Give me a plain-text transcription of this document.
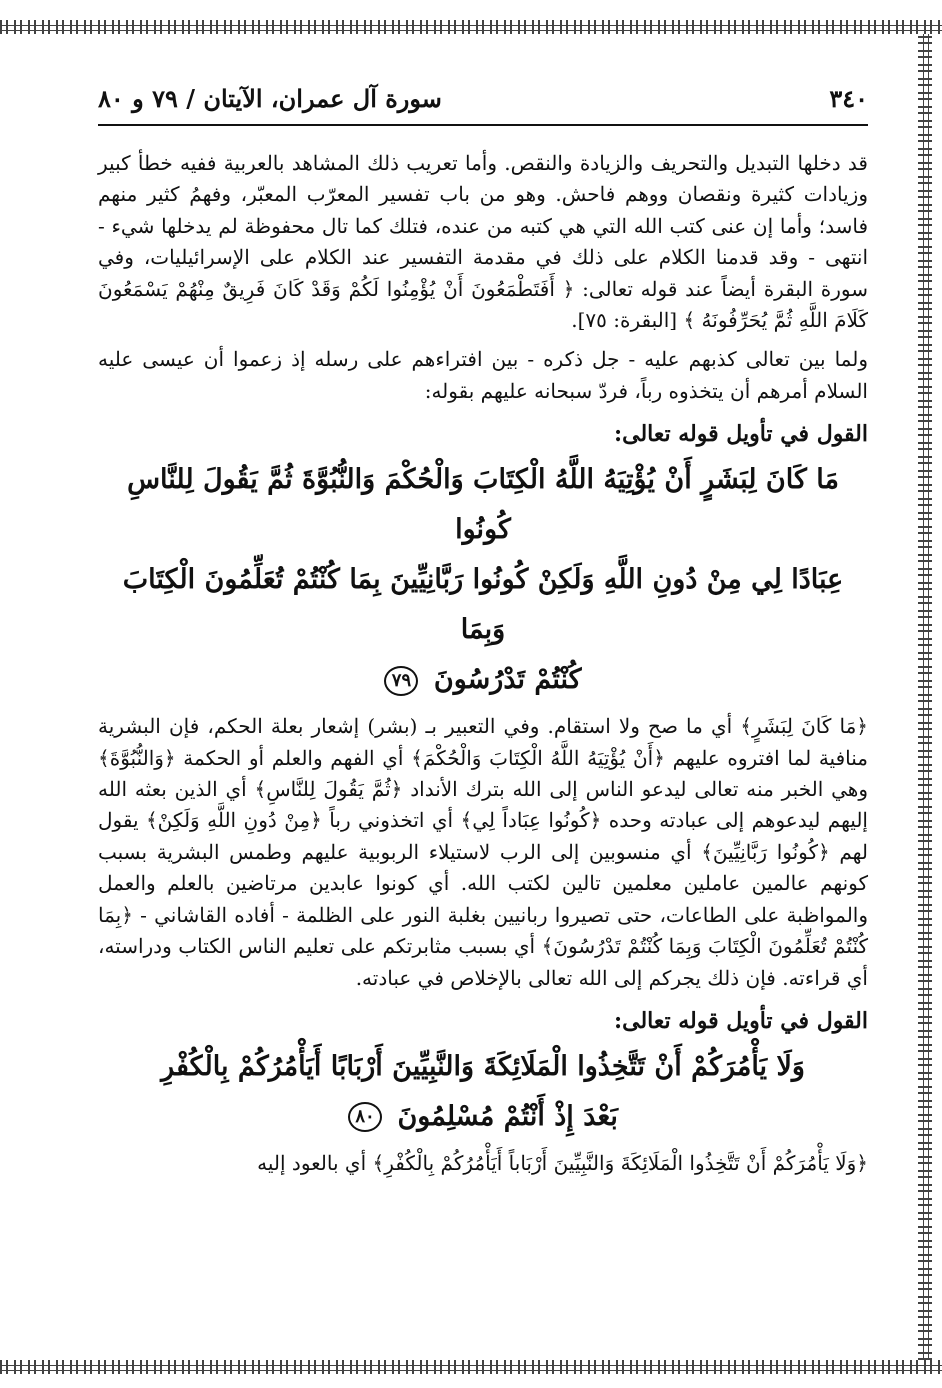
٣٤٠
سورة آل عمران، الآيتان / ٧٩ و ٨٠

قد دخلها التبديل والتحريف والزيادة والنقص. وأما تعريب ذلك المشاهد بالعربية ففيه خطأ كبير وزيادات كثيرة ونقصان ووهم فاحش. وهو من باب تفسير المعرّب المعبّر، وفهمُ كثير منهم فاسد؛ وأما إن عنى كتب الله التي هي كتبه من عنده، فتلك كما تال محفوظة لم يدخلها شيء - انتهى - وقد قدمنا الكلام على ذلك في مقدمة التفسير عند الكلام على الإسرائيليات، وفي سورة البقرة أيضاً عند قوله تعالى: ﴿ أَفَتَطْمَعُونَ أَنْ يُؤْمِنُوا لَكُمْ وَقَدْ كَانَ فَرِيقٌ مِنْهُمْ يَسْمَعُونَ كَلَامَ اللَّهِ ثُمَّ يُحَرِّفُونَهُ ﴾ [البقرة: ٧٥].

ولما بين تعالى كذبهم عليه - جل ذكره - بين افتراءهم على رسله إذ زعموا أن عيسى عليه السلام أمرهم أن يتخذوه رباً، فردّ سبحانه عليهم بقوله:

القول في تأويل قوله تعالى:
مَا كَانَ لِبَشَرٍ أَنْ يُؤْتِيَهُ اللَّهُ الْكِتَابَ وَالْحُكْمَ وَالنُّبُوَّةَ ثُمَّ يَقُولَ لِلنَّاسِ كُونُوا
عِبَادًا لِي مِنْ دُونِ اللَّهِ وَلَكِنْ كُونُوا رَبَّانِيِّينَ بِمَا كُنْتُمْ تُعَلِّمُونَ الْكِتَابَ وَبِمَا
كُنْتُمْ تَدْرُسُونَ ٧٩

﴿مَا كَانَ لِبَشَرٍ﴾ أي ما صح ولا استقام. وفي التعبير بـ (بشر) إشعار بعلة الحكم، فإن البشرية منافية لما افتروه عليهم ﴿أَنْ يُؤْتِيَهُ اللَّهُ الْكِتَابَ وَالْحُكْمَ﴾ أي الفهم والعلم أو الحكمة ﴿وَالنُّبُوَّةَ﴾ وهي الخبر منه تعالى ليدعو الناس إلى الله بترك الأنداد ﴿ثُمَّ يَقُولَ لِلنَّاسِ﴾ أي الذين بعثه الله إليهم ليدعوهم إلى عبادته وحده ﴿كُونُوا عِبَاداً لِي﴾ أي اتخذوني رباً ﴿مِنْ دُونِ اللَّهِ وَلَكِنْ﴾ يقول لهم ﴿كُونُوا رَبَّانِيِّينَ﴾ أي منسوبين إلى الرب لاستيلاء الربوبية عليهم وطمس البشرية بسبب كونهم عالمين عاملين معلمين تالين لكتب الله. أي كونوا عابدين مرتاضين بالعلم والعمل والمواظبة على الطاعات، حتى تصيروا ربانيين بغلبة النور على الظلمة - أفاده القاشاني - ﴿بِمَا كُنْتُمْ تُعَلِّمُونَ الْكِتَابَ وَبِمَا كُنْتُمْ تَدْرُسُونَ﴾ أي بسبب مثابرتكم على تعليم الناس الكتاب ودراسته، أي قراءته. فإن ذلك يجركم إلى الله تعالى بالإخلاص في عبادته.

القول في تأويل قوله تعالى:
وَلَا يَأْمُرَكُمْ أَنْ تَتَّخِذُوا الْمَلَائِكَةَ وَالنَّبِيِّينَ أَرْبَابًا أَيَأْمُرُكُمْ بِالْكُفْرِ
بَعْدَ إِذْ أَنْتُمْ مُسْلِمُونَ ٨٠

﴿وَلَا يَأْمُرَكُمْ أَنْ تَتَّخِذُوا الْمَلَائِكَةَ وَالنَّبِيِّينَ أَرْبَاباً أَيَأْمُرُكُمْ بِالْكُفْرِ﴾ أي بالعود إليه
